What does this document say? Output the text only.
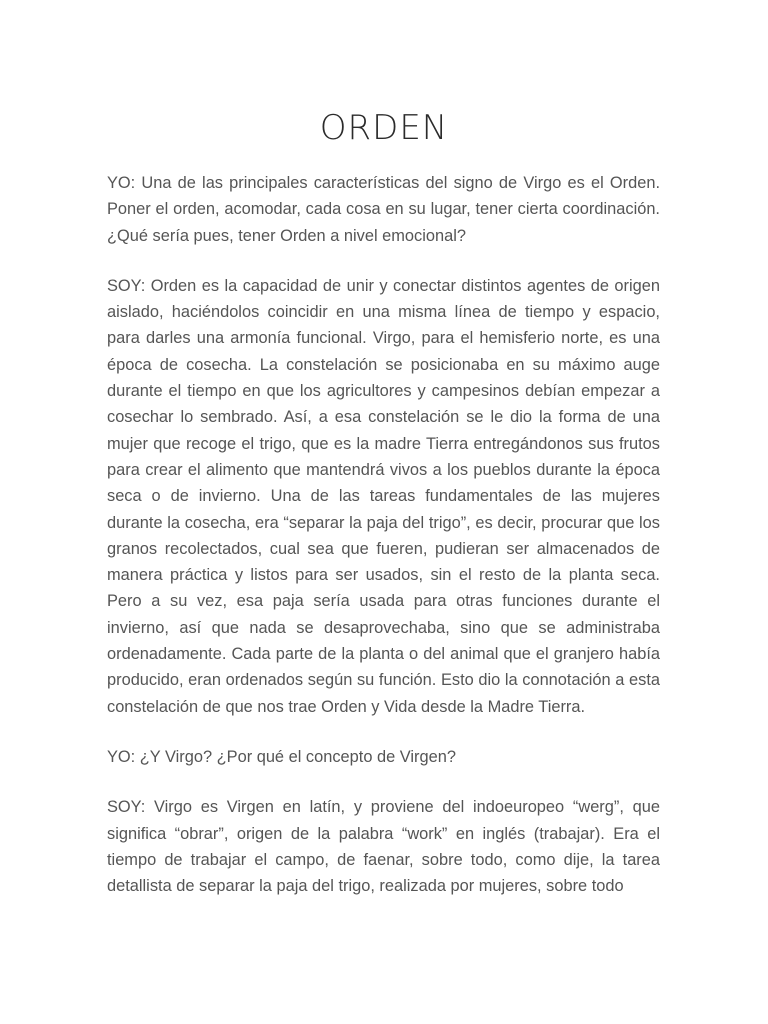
ORDEN

YO: Una de las principales características del signo de Virgo es el Orden. Poner el orden, acomodar, cada cosa en su lugar, tener cierta coordinación. ¿Qué sería pues, tener Orden a nivel emocional?

SOY: Orden es la capacidad de unir y conectar distintos agentes de origen aislado, haciéndolos coincidir en una misma línea de tiempo y espacio, para darles una armonía funcional. Virgo, para el hemisferio norte, es una época de cosecha. La constelación se posicionaba en su máximo auge durante el tiempo en que los agricultores y campesinos debían empezar a cosechar lo sembrado. Así, a esa constelación se le dio la forma de una mujer que recoge el trigo, que es la madre Tierra entregándonos sus frutos para crear el alimento que mantendrá vivos a los pueblos durante la época seca o de invierno. Una de las tareas fundamentales de las mujeres durante la cosecha, era “separar la paja del trigo”, es decir, procurar que los granos recolectados, cual sea que fueren, pudieran ser almacenados de manera práctica y listos para ser usados, sin el resto de la planta seca. Pero a su vez, esa paja sería usada para otras funciones durante el invierno, así que nada se desaprovechaba, sino que se administraba ordenadamente. Cada parte de la planta o del animal que el granjero había producido, eran ordenados según su función. Esto dio la connotación a esta constelación de que nos trae Orden y Vida desde la Madre Tierra.

YO: ¿Y Virgo? ¿Por qué el concepto de Virgen?

SOY: Virgo es Virgen en latín, y proviene del indoeuropeo “werg”, que significa “obrar”, origen de la palabra “work” en inglés (trabajar). Era el tiempo de trabajar el campo, de faenar, sobre todo, como dije, la tarea detallista de separar la paja del trigo, realizada por mujeres, sobre todo
